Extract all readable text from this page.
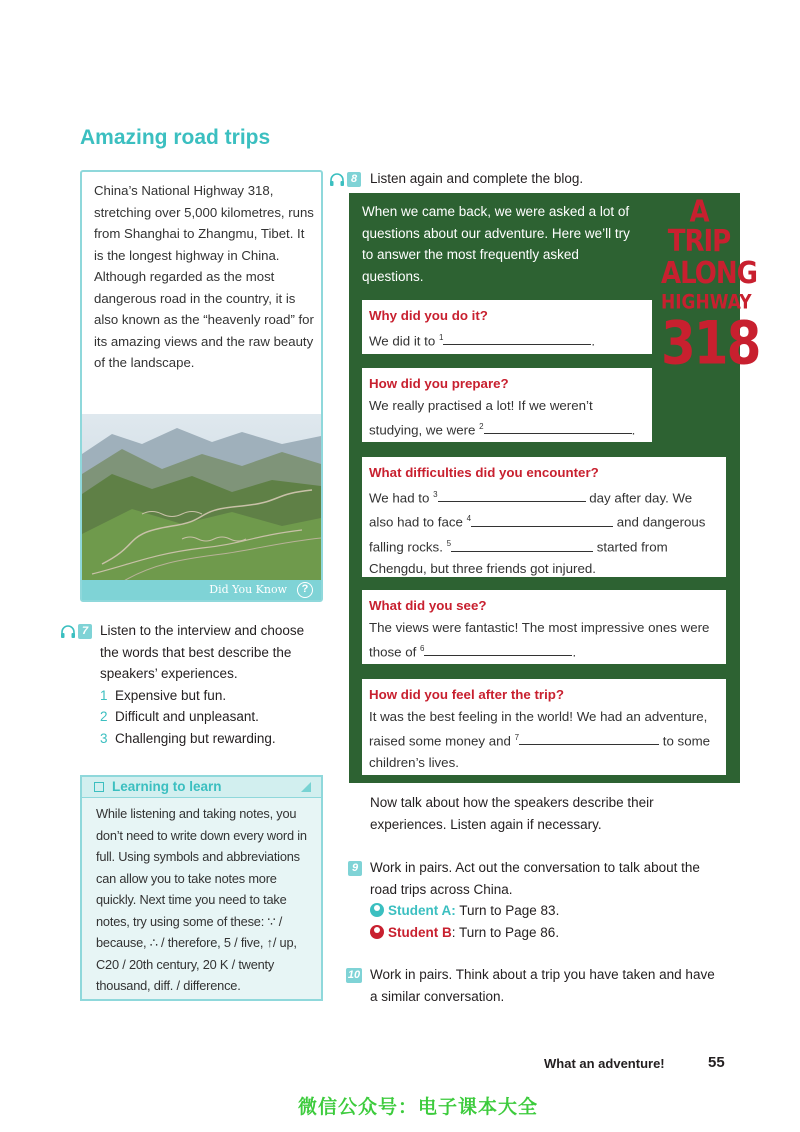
Amazing road trips
China’s National Highway 318, stretching over 5,000 kilometres, runs from Shanghai to Zhangmu, Tibet. It is the longest highway in China. Although regarded as the most dangerous road in the country, it is also known as the “heavenly road” for its amazing views and the raw beauty of the landscape.
Did You Know	?
7 Listen to the interview and choose the words that best describe the speakers’ experiences.
1 Expensive but fun.
2 Difficult and unpleasant.
3 Challenging but rewarding.
Learning to learn
While listening and taking notes, you don’t need to write down every word in full. Using symbols and abbreviations can allow you to take notes more quickly. Next time you need to take notes, try using some of these: ∵ / because, ∴ / therefore, 5 / five, ↑/ up, C20 / 20th century, 20 K / twenty thousand, diff. / difference.
8 Listen again and complete the blog.
When we came back, we were asked a lot of questions about our adventure. Here we’ll try to answer the most frequently asked questions.
A TRIP
ALONG
HIGHWAY
318
Why did you do it?
We did it to $^1$	.
How did you prepare?
We really practised a lot! If we weren’t studying, we were $^2$	.
What difficulties did you encounter?
We had to $^3$	day after day. We also had to face $^4$	and dangerous falling rocks. $^5$	started from Chengdu, but three friends got injured.
What did you see?
The views were fantastic! The most impressive ones were those of $^6$	.
How did you feel after the trip?
It was the best feeling in the world! We had an adventure, raised some money and $^7$	to some children’s lives.
Now talk about how the speakers describe their experiences. Listen again if necessary.
9 Work in pairs. Act out the conversation to talk about the road trips across China.
Student A: Turn to Page 83.
Student B: Turn to Page 86.
10 Work in pairs. Think about a trip you have taken and have a similar conversation.
What an adventure!	55
微信公众号：电子课本大全
